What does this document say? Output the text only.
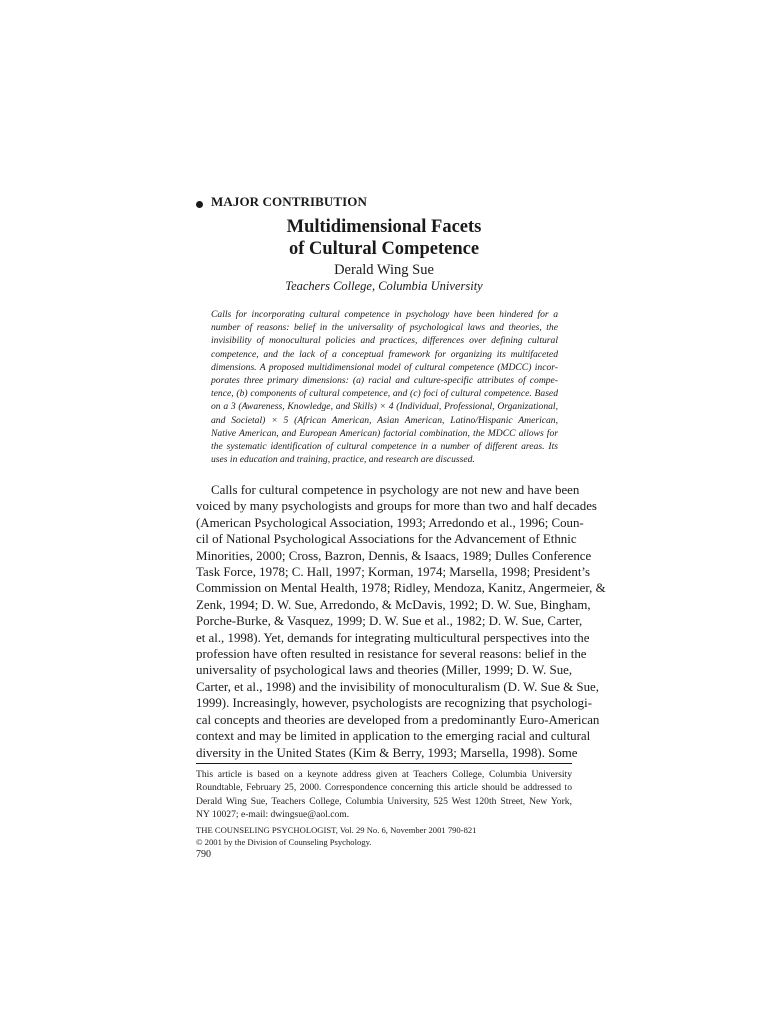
MAJOR CONTRIBUTION
Multidimensional Facets
of Cultural Competence
Derald Wing Sue
Teachers College, Columbia University
Calls for incorporating cultural competence in psychology have been hindered for a
number of reasons: belief in the universality of psychological laws and theories, the
invisibility of monocultural policies and practices, differences over defining cultural
competence, and the lack of a conceptual framework for organizing its multifaceted
dimensions. A proposed multidimensional model of cultural competence (MDCC) incor-
porates three primary dimensions: (a) racial and culture-specific attributes of compe-
tence, (b) components of cultural competence, and (c) foci of cultural competence. Based
on a 3 (Awareness, Knowledge, and Skills) × 4 (Individual, Professional, Organizational,
and Societal) × 5 (African American, Asian American, Latino/Hispanic American,
Native American, and European American) factorial combination, the MDCC allows for
the systematic identification of cultural competence in a number of different areas. Its
uses in education and training, practice, and research are discussed.
Calls for cultural competence in psychology are not new and have been
voiced by many psychologists and groups for more than two and half decades
(American Psychological Association, 1993; Arredondo et al., 1996; Coun-
cil of National Psychological Associations for the Advancement of Ethnic
Minorities, 2000; Cross, Bazron, Dennis, & Isaacs, 1989; Dulles Conference
Task Force, 1978; C. Hall, 1997; Korman, 1974; Marsella, 1998; President’s
Commission on Mental Health, 1978; Ridley, Mendoza, Kanitz, Angermeier, &
Zenk, 1994; D. W. Sue, Arredondo, & McDavis, 1992; D. W. Sue, Bingham,
Porche-Burke, & Vasquez, 1999; D. W. Sue et al., 1982; D. W. Sue, Carter,
et al., 1998). Yet, demands for integrating multicultural perspectives into the
profession have often resulted in resistance for several reasons: belief in the
universality of psychological laws and theories (Miller, 1999; D. W. Sue,
Carter, et al., 1998) and the invisibility of monoculturalism (D. W. Sue & Sue,
1999). Increasingly, however, psychologists are recognizing that psychologi-
cal concepts and theories are developed from a predominantly Euro-American
context and may be limited in application to the emerging racial and cultural
diversity in the United States (Kim & Berry, 1993; Marsella, 1998). Some
This article is based on a keynote address given at Teachers College, Columbia University
Roundtable, February 25, 2000. Correspondence concerning this article should be addressed to
Derald Wing Sue, Teachers College, Columbia University, 525 West 120th Street, New York,
NY 10027; e-mail: dwingsue@aol.com.
THE COUNSELING PSYCHOLOGIST, Vol. 29 No. 6, November 2001 790-821
© 2001 by the Division of Counseling Psychology.
790
